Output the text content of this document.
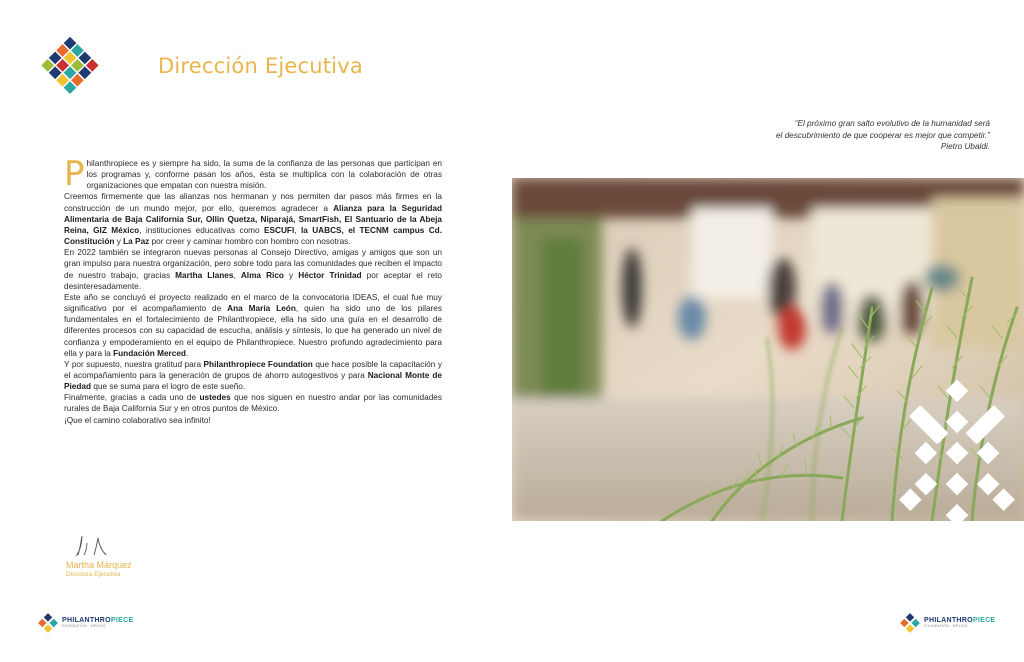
Dirección Ejecutiva
“El próximo gran salto evolutivo de la humanidad será
el descubrimiento de que cooperar es mejor que competir.”
Pietro Ubaldi.

Philanthropiece es y siempre ha sido, la suma de la confianza de las personas que participan en los programas y, conforme pasan los años, ésta se multiplica con la colaboración de otras organizaciones que empatan con nuestra misión.

Creemos firmemente que las alianzas nos hermanan y nos permiten dar pasos más firmes en la construcción de un mundo mejor, por ello, queremos agradecer a Alianza para la Seguridad Alimentaria de Baja California Sur, Ollin Quetza, Niparajá, SmartFish, El Santuario de la Abeja Reina, GIZ México, instituciones educativas como ESCUFI, la UABCS, el TECNM campus Cd. Constitución y La Paz por creer y caminar hombro con hombro con nosotras.

En 2022 también se integraron nuevas personas al Consejo Directivo, amigas y amigos que son un gran impulso para nuestra organización, pero sobre todo para las comunidades que reciben el impacto de nuestro trabajo, gracias Martha Llanes, Alma Rico y Héctor Trinidad por aceptar el reto desinteresadamente.

Este año se concluyó el proyecto realizado en el marco de la convocatoria IDEAS, el cual fue muy significativo por el acompañamiento de Ana María León, quien ha sido uno de los pilares fundamentales en el fortalecimiento de Philanthropiece, ella ha sido una guía en el desarrollo de diferentes procesos con su capacidad de escucha, análisis y síntesis, lo que ha generado un nivel de confianza y empoderamiento en el equipo de Philanthropiece. Nuestro profundo agradecimiento para ella y para la Fundación Merced.

Y por supuesto, nuestra gratitud para Philanthropiece Foundation que hace posible la capacitación y el acompañamiento para la generación de grupos de ahorro autogestivos y para Nacional Monte de Piedad que se suma para el logro de este sueño.

Finalmente, gracias a cada uno de ustedes que nos siguen en nuestro andar por las comunidades rurales de Baja California Sur y en otros puntos de México.

¡Que el camino colaborativo sea infinito!

Martha Márquez
Directora Ejecutiva
PHILANTHROPIECE
FOUNDATION · MÉXICO
PHILANTHROPIECE
FOUNDATION · MÉXICO
